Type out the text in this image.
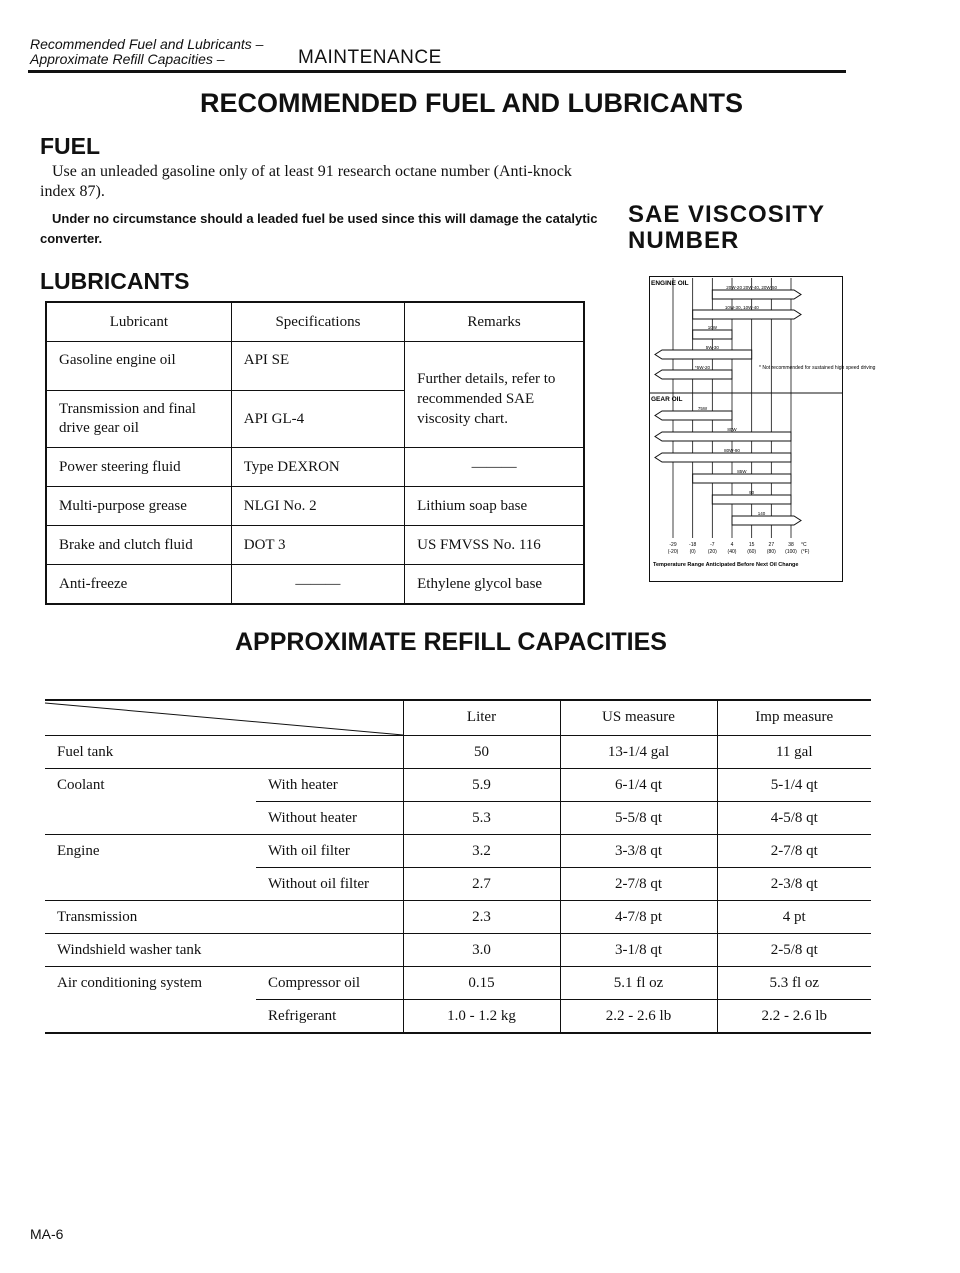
Recommended Fuel and Lubricants –
Approximate Refill Capacities –	MAINTENANCE
RECOMMENDED FUEL AND LUBRICANTS
FUEL
Use an unleaded gasoline only of at least 91 research octane number (Anti-knock index 87).
Under no circumstance should a leaded fuel be used since this will damage the catalytic converter.
LUBRICANTS
Lubricant	Specifications	Remarks
Gasoline engine oil	API SE	Further details, refer to recommended SAE viscosity chart.
Transmission and final drive gear oil	API GL-4	
Power steering fluid	Type DEXRON	———
Multi-purpose grease	NLGI No. 2	Lithium soap base
Brake and clutch fluid	DOT 3	US FMVSS No. 116
Anti-freeze	———	Ethylene glycol base
SAE VISCOSITY
NUMBER
20W-20 20W-40, 20W-50
10W-30, 10W-40
10W
5W-30
*5W-20
75W
80W
80W-90
85W
90
140
ENGINE OIL
GEAR OIL
* Not recommended for sustained high speed driving
-29
(-20)
-18
(0)
-7
(20)
4
(40)
15
(60)
27
(80)
38
(100)
°C
(°F)
Temperature Range Anticipated Before Next Oil Change
APPROXIMATE REFILL CAPACITIES
		Liter	US measure	Imp measure
Fuel tank		50	13-1/4 gal	11 gal
Coolant	With heater	5.9	6-1/4 qt	5-1/4 qt
	Without heater	5.3	5-5/8 qt	4-5/8 qt
Engine	With oil filter	3.2	3-3/8 qt	2-7/8 qt
	Without oil filter	2.7	2-7/8 qt	2-3/8 qt
Transmission		2.3	4-7/8 pt	4 pt
Windshield washer tank		3.0	3-1/8 qt	2-5/8 qt
Air conditioning system	Compressor oil	0.15	5.1 fl oz	5.3 fl oz
	Refrigerant	1.0 - 1.2 kg	2.2 - 2.6 lb	2.2 - 2.6 lb
MA-6
